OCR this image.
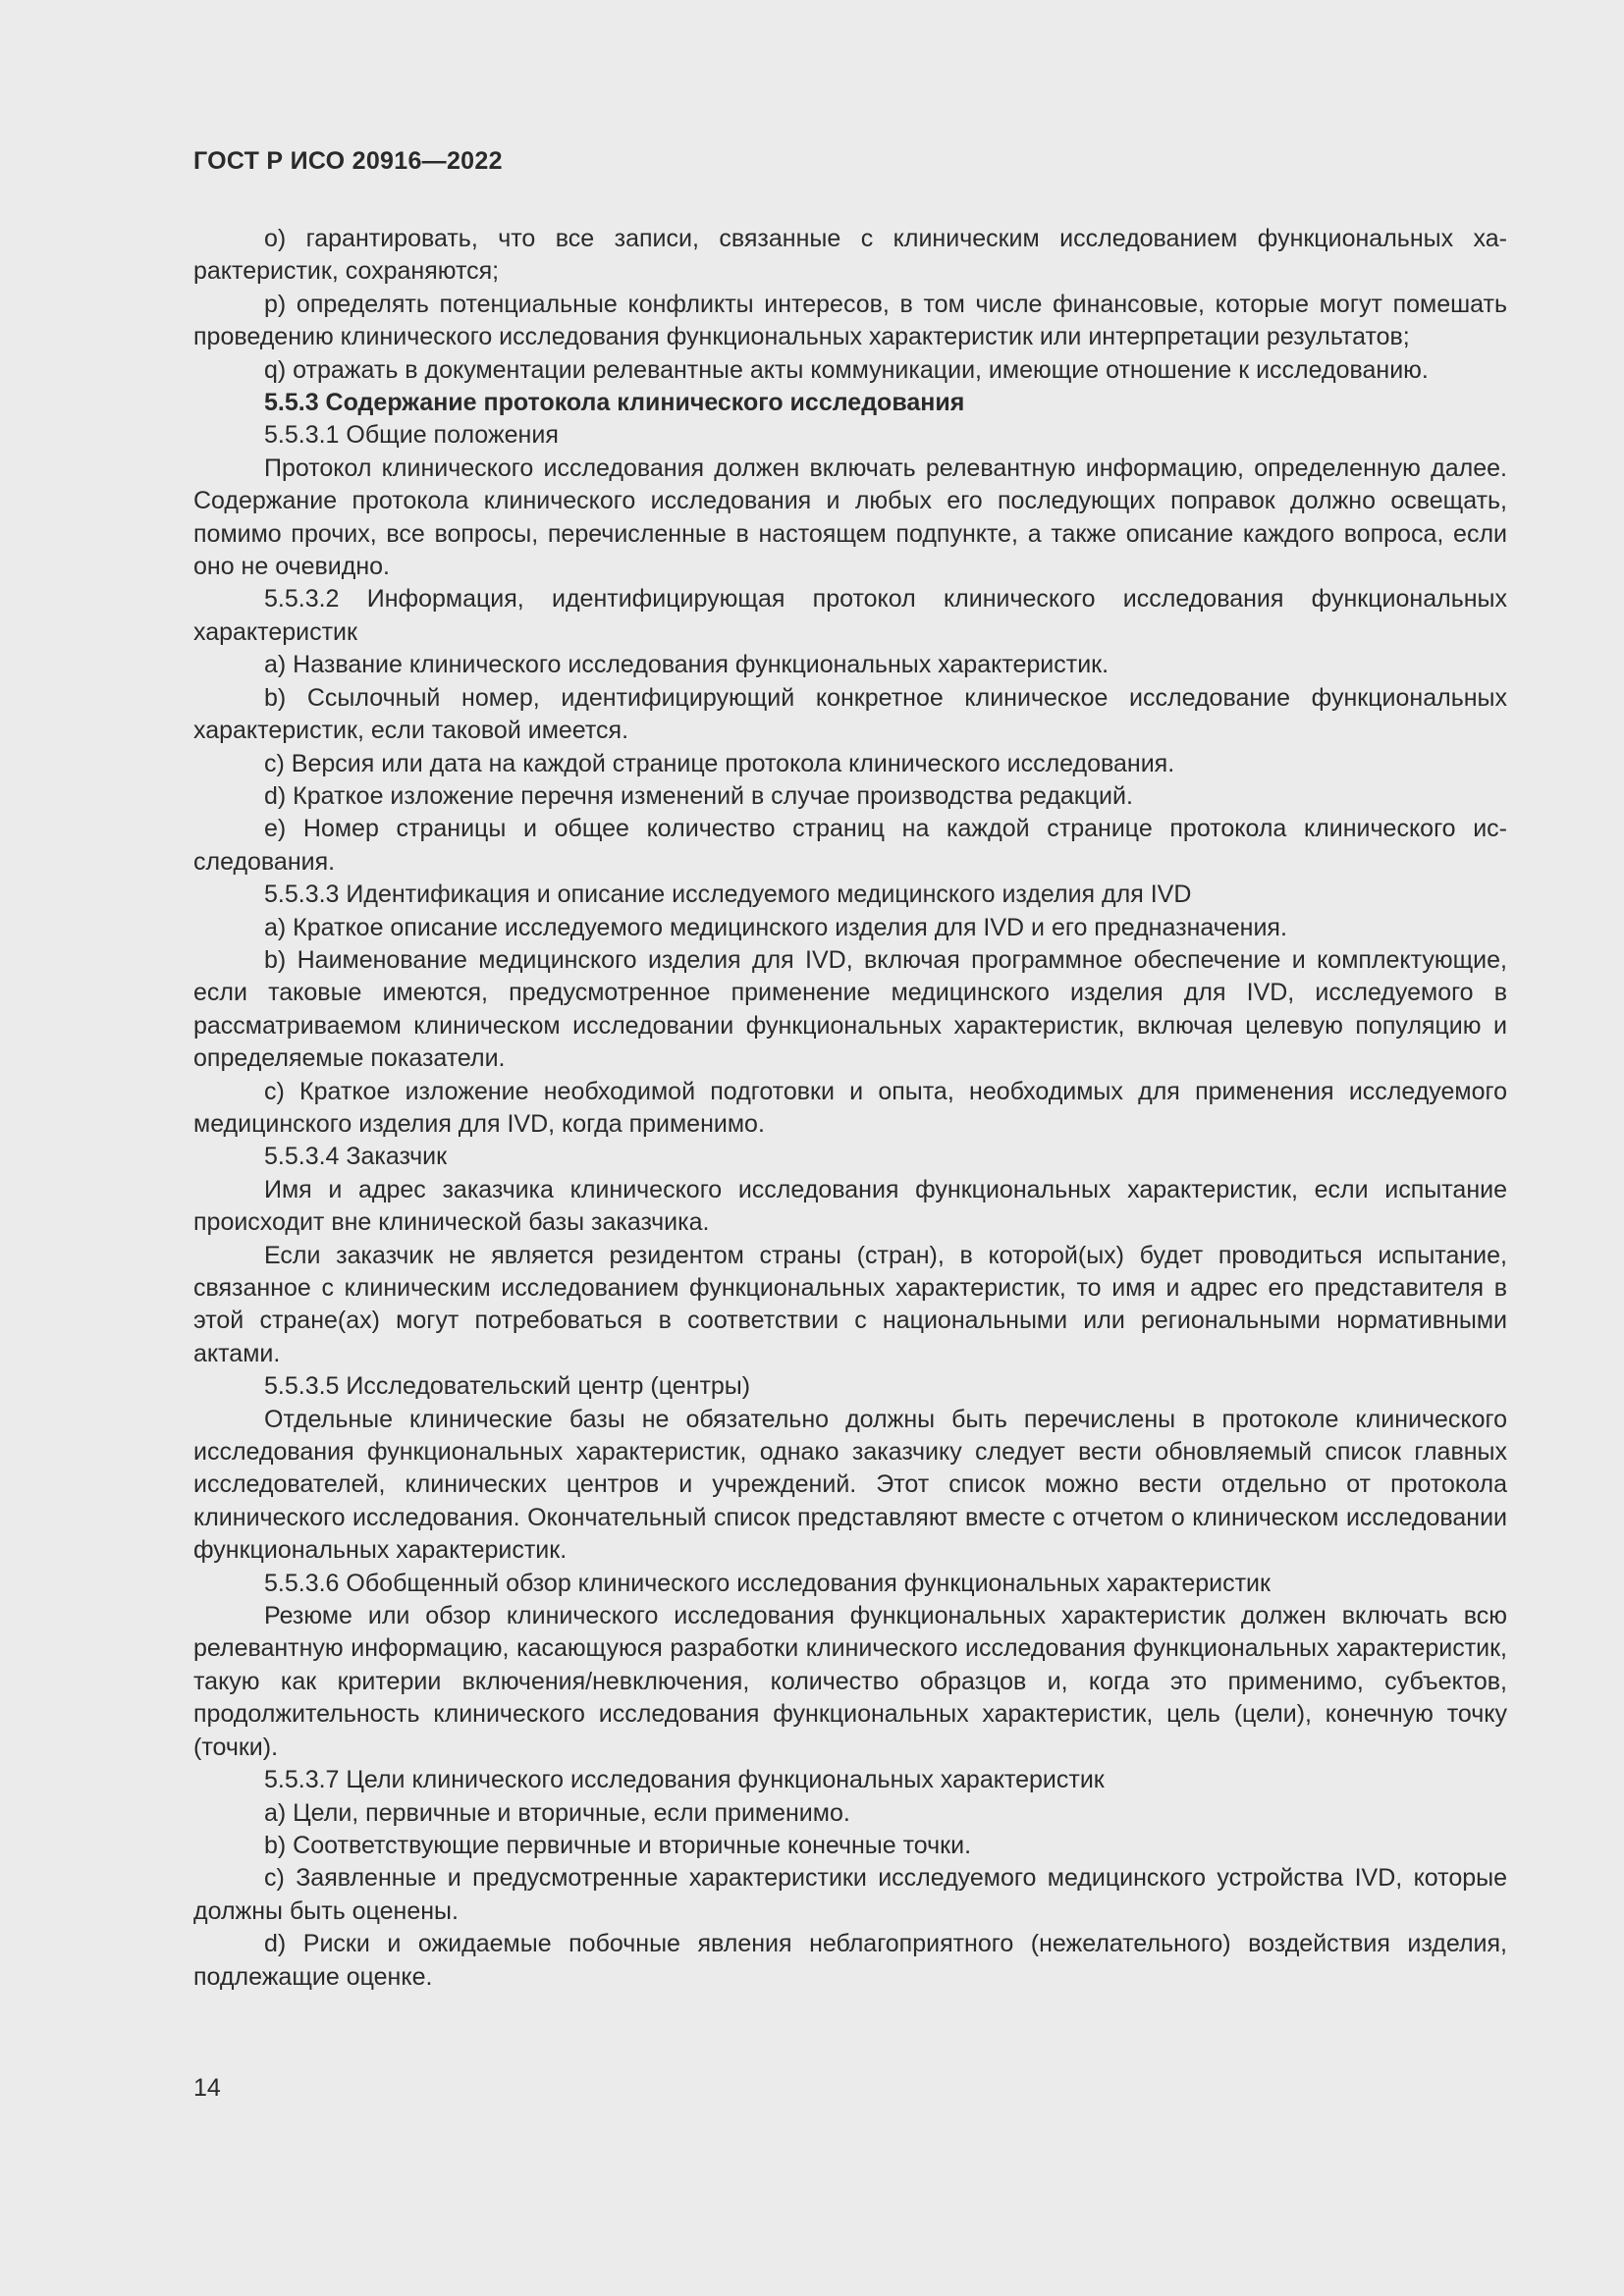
ГОСТ Р ИСО 20916—2022

o) гарантировать, что все записи, связанные с клиническим исследованием функциональных характеристик, сохраняются;

p) определять потенциальные конфликты интересов, в том числе финансовые, которые могут помешать проведению клинического исследования функциональных характеристик или интерпретации результатов;

q) отражать в документации релевантные акты коммуникации, имеющие отношение к исследованию.

5.5.3 Содержание протокола клинического исследования

5.5.3.1 Общие положения

Протокол клинического исследования должен включать релевантную информацию, определенную далее. Содержание протокола клинического исследования и любых его последующих поправок должно освещать, помимо прочих, все вопросы, перечисленные в настоящем подпункте, а также описание каждого вопроса, если оно не очевидно.

5.5.3.2 Информация, идентифицирующая протокол клинического исследования функциональных характеристик

a) Название клинического исследования функциональных характеристик.

b) Ссылочный номер, идентифицирующий конкретное клиническое исследование функциональных характеристик, если таковой имеется.

c) Версия или дата на каждой странице протокола клинического исследования.

d) Краткое изложение перечня изменений в случае производства редакций.

e) Номер страницы и общее количество страниц на каждой странице протокола клинического исследования.

5.5.3.3 Идентификация и описание исследуемого медицинского изделия для IVD

a) Краткое описание исследуемого медицинского изделия для IVD и его предназначения.

b) Наименование медицинского изделия для IVD, включая программное обеспечение и комплектующие, если таковые имеются, предусмотренное применение медицинского изделия для IVD, исследуемого в рассматриваемом клиническом исследовании функциональных характеристик, включая целевую популяцию и определяемые показатели.

c) Краткое изложение необходимой подготовки и опыта, необходимых для применения исследуемого медицинского изделия для IVD, когда применимо.

5.5.3.4 Заказчик

Имя и адрес заказчика клинического исследования функциональных характеристик, если испытание происходит вне клинической базы заказчика.

Если заказчик не является резидентом страны (стран), в которой(ых) будет проводиться испытание, связанное с клиническим исследованием функциональных характеристик, то имя и адрес его представителя в этой стране(ах) могут потребоваться в соответствии с национальными или региональными нормативными актами.

5.5.3.5 Исследовательский центр (центры)

Отдельные клинические базы не обязательно должны быть перечислены в протоколе клинического исследования функциональных характеристик, однако заказчику следует вести обновляемый список главных исследователей, клинических центров и учреждений. Этот список можно вести отдельно от протокола клинического исследования. Окончательный список представляют вместе с отчетом о клиническом исследовании функциональных характеристик.

5.5.3.6 Обобщенный обзор клинического исследования функциональных характеристик

Резюме или обзор клинического исследования функциональных характеристик должен включать всю релевантную информацию, касающуюся разработки клинического исследования функциональных характеристик, такую как критерии включения/невключения, количество образцов и, когда это применимо, субъектов, продолжительность клинического исследования функциональных характеристик, цель (цели), конечную точку (точки).

5.5.3.7 Цели клинического исследования функциональных характеристик

a) Цели, первичные и вторичные, если применимо.

b) Соответствующие первичные и вторичные конечные точки.

c) Заявленные и предусмотренные характеристики исследуемого медицинского устройства IVD, которые должны быть оценены.

d) Риски и ожидаемые побочные явления неблагоприятного (нежелательного) воздействия изделия, подлежащие оценке.

14
